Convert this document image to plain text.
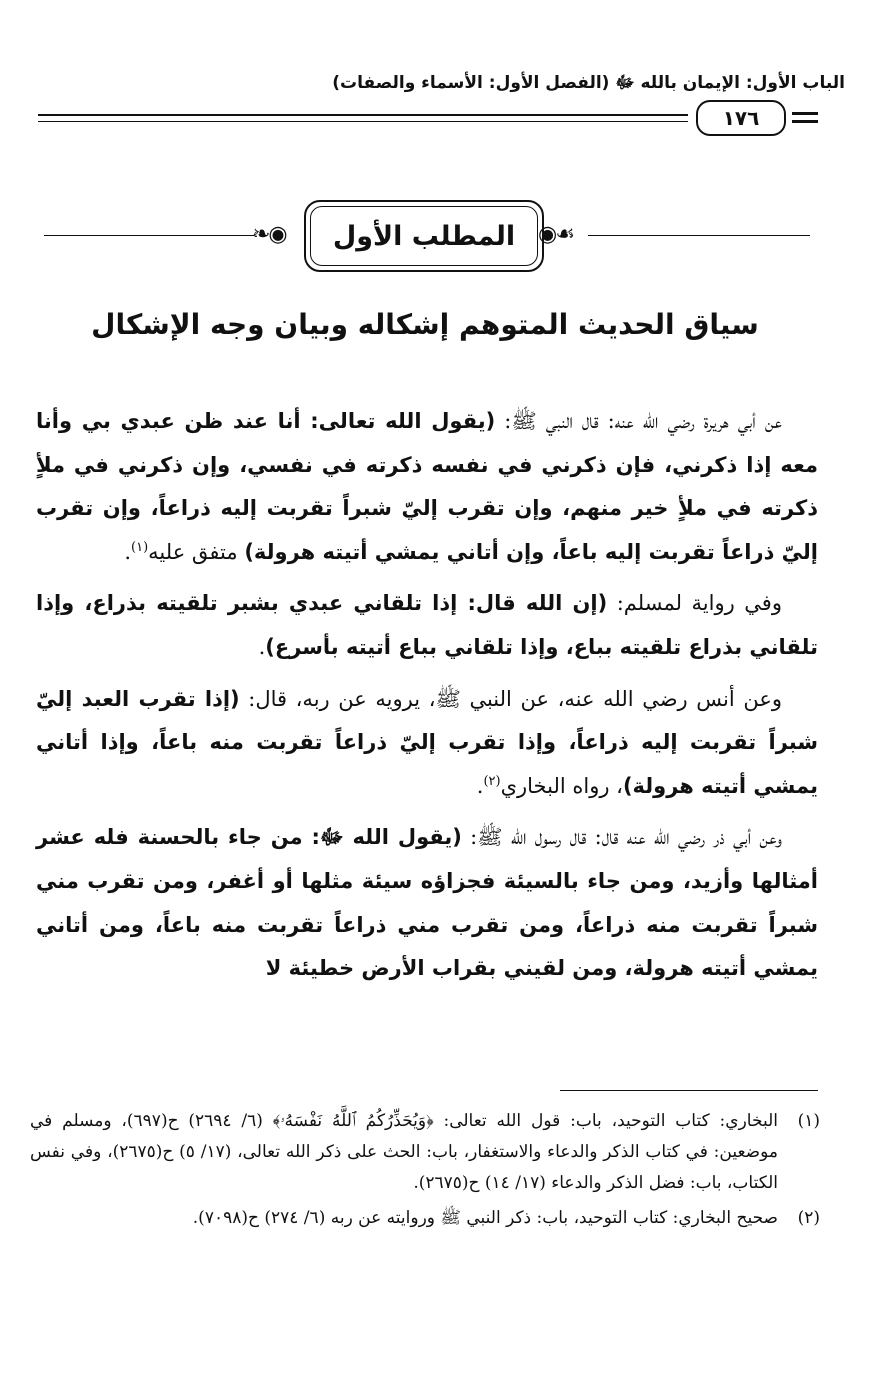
الباب الأول: الإيمان بالله ﷻ (الفصل الأول: الأسماء والصفات)
١٧٦
❧◉	المطلب الأول	◉☙
سياق الحديث المتوهم إشكاله وبيان وجه الإشكال

عن أبي هريرة رضي الله عنه: قال النبي ﷺ: (يقول الله تعالى: أنا عند ظن عبدي بي وأنا معه إذا ذكرني، فإن ذكرني في نفسه ذكرته في نفسي، وإن ذكرني في ملأٍ ذكرته في ملأٍ خير منهم، وإن تقرب إليّ شبراً تقربت إليه ذراعاً، وإن تقرب إليّ ذراعاً تقربت إليه باعاً، وإن أتاني يمشي أتيته هرولة) متفق عليه$^{(١)}$.

وفي رواية لمسلم: (إن الله قال: إذا تلقاني عبدي بشبر تلقيته بذراع، وإذا تلقاني بذراع تلقيته بباع، وإذا تلقاني بباع أتيته بأسرع).

وعن أنس رضي الله عنه، عن النبي ﷺ، يرويه عن ربه، قال: (إذا تقرب العبد إليّ شبراً تقربت إليه ذراعاً، وإذا تقرب إليّ ذراعاً تقربت منه باعاً، وإذا أتاني يمشي أتيته هرولة)، رواه البخاري$^{(٢)}$.

وعن أبي ذر رضي الله عنه قال: قال رسول الله ﷺ: (يقول الله ﷻ: من جاء بالحسنة فله عشر أمثالها وأزيد، ومن جاء بالسيئة فجزاؤه سيئة مثلها أو أغفر، ومن تقرب مني شبراً تقربت منه ذراعاً، ومن تقرب مني ذراعاً تقربت منه باعاً، ومن أتاني يمشي أتيته هرولة، ومن لقيني بقراب الأرض خطيئة لا

(١)
البخاري: كتاب التوحيد، باب: قول الله تعالى: ﴿وَيُحَذِّرُكُمُ ٱللَّهُ نَفْسَهُۥ﴾ (٦/ ٢٦٩٤) ح(٦٩٧)، ومسلم في موضعين: في كتاب الذكر والدعاء والاستغفار، باب: الحث على ذكر الله تعالى، (١٧/ ٥) ح(٢٦٧٥)، وفي نفس الكتاب، باب: فضل الذكر والدعاء (١٧/ ١٤) ح(٢٦٧٥).
(٢)
صحيح البخاري: كتاب التوحيد، باب: ذكر النبي ﷺ وروايته عن ربه (٦/ ٢٧٤) ح(٧٠٩٨).
